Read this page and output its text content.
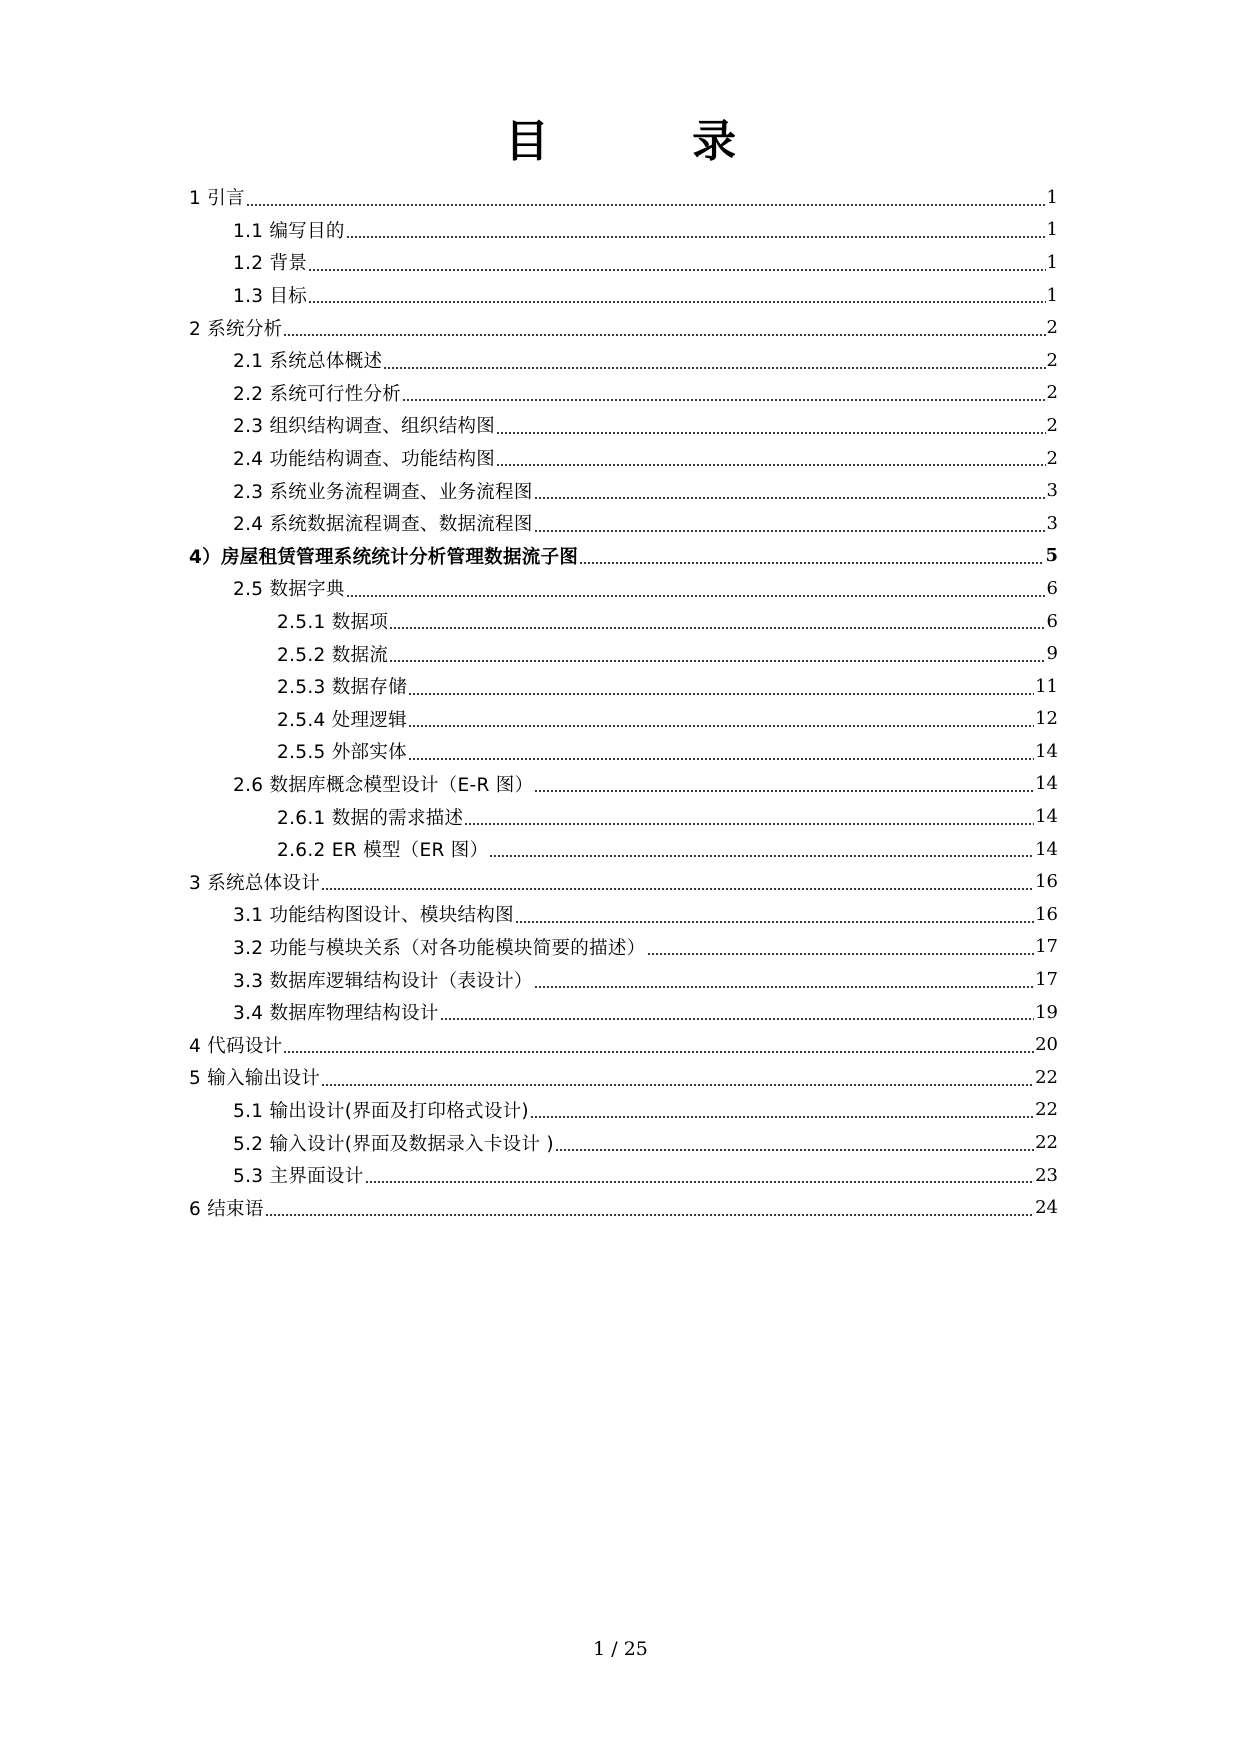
目 录
1 引言	1
1.1 编写目的	1
1.2 背景	1
1.3 目标	1
2 系统分析	2
2.1 系统总体概述	2
2.2 系统可行性分析	2
2.3 组织结构调查、组织结构图	2
2.4 功能结构调查、功能结构图	2
2.3 系统业务流程调查、业务流程图	3
2.4 系统数据流程调查、数据流程图	3
4）房屋租赁管理系统统计分析管理数据流子图	5
2.5 数据字典	6
2.5.1 数据项	6
2.5.2 数据流	9
2.5.3 数据存储	11
2.5.4 处理逻辑	12
2.5.5 外部实体	14
2.6 数据库概念模型设计（E-R 图）	14
2.6.1 数据的需求描述	14
2.6.2 ER 模型（ER 图）	14
3 系统总体设计	16
3.1 功能结构图设计、模块结构图	16
3.2 功能与模块关系（对各功能模块简要的描述）	17
3.3 数据库逻辑结构设计（表设计）	17
3.4 数据库物理结构设计	19
4 代码设计	20
5 输入输出设计	22
5.1 输出设计(界面及打印格式设计)	22
5.2 输入设计(界面及数据录入卡设计 )	22
5.3 主界面设计	23
6 结束语	24
1 / 25
